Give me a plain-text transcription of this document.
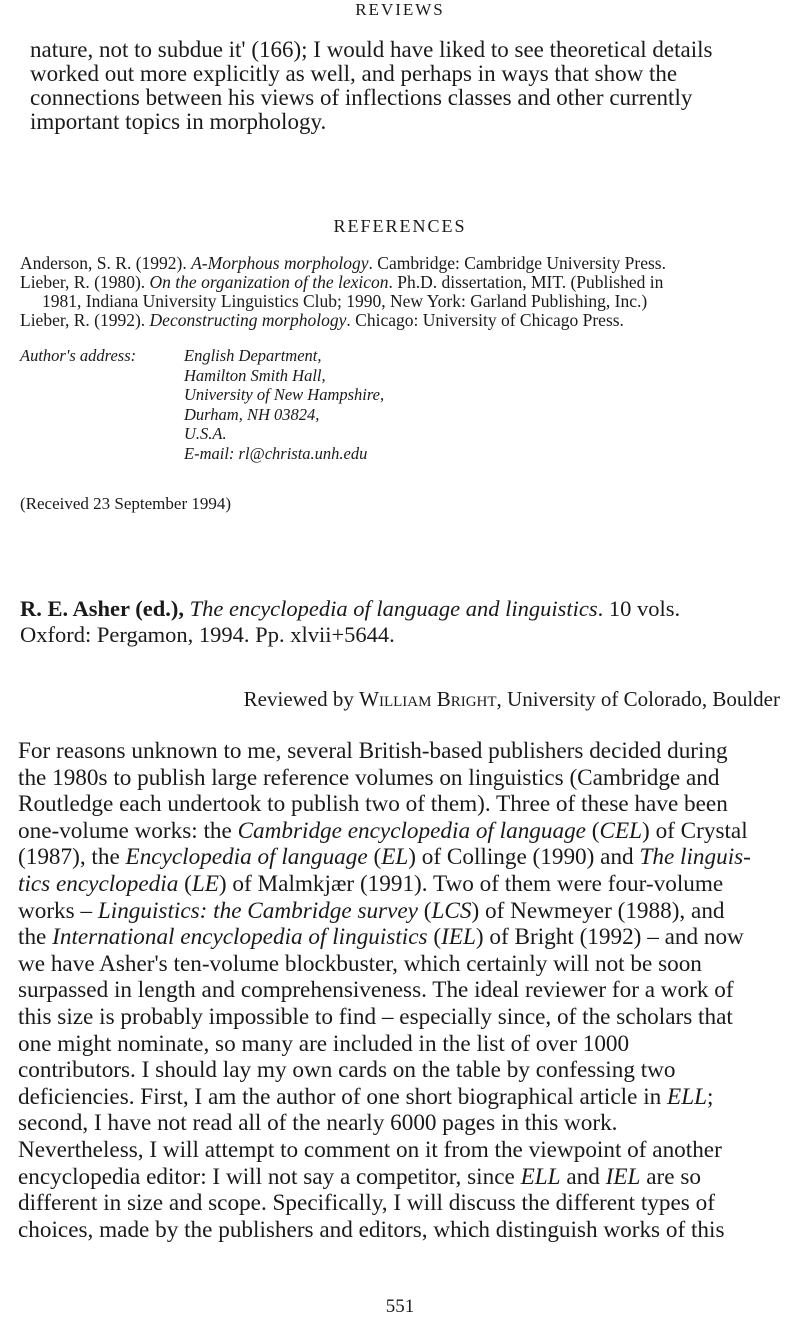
REVIEWS
nature, not to subdue it' (166); I would have liked to see theoretical details
worked out more explicitly as well, and perhaps in ways that show the
connections between his views of inflections classes and other currently
important topics in morphology.
REFERENCES
Anderson, S. R. (1992). A-Morphous morphology. Cambridge: Cambridge University Press.
Lieber, R. (1980). On the organization of the lexicon. Ph.D. dissertation, MIT. (Published in
1981, Indiana University Linguistics Club; 1990, New York: Garland Publishing, Inc.)
Lieber, R. (1992). Deconstructing morphology. Chicago: University of Chicago Press.
Author's address:	English Department,
Hamilton Smith Hall,
University of New Hampshire,
Durham, NH 03824,
U.S.A.
E-mail: rl@christa.unh.edu
(Received 23 September 1994)
R. E. Asher (ed.), The encyclopedia of language and linguistics. 10 vols.
Oxford: Pergamon, 1994. Pp. xlvii+5644.
Reviewed by William Bright, University of Colorado, Boulder
For reasons unknown to me, several British-based publishers decided during
the 1980s to publish large reference volumes on linguistics (Cambridge and
Routledge each undertook to publish two of them). Three of these have been
one-volume works: the Cambridge encyclopedia of language (CEL) of Crystal
(1987), the Encyclopedia of language (EL) of Collinge (1990) and The linguis-
tics encyclopedia (LE) of Malmkjær (1991). Two of them were four-volume
works – Linguistics: the Cambridge survey (LCS) of Newmeyer (1988), and
the International encyclopedia of linguistics (IEL) of Bright (1992) – and now
we have Asher's ten-volume blockbuster, which certainly will not be soon
surpassed in length and comprehensiveness. The ideal reviewer for a work of
this size is probably impossible to find – especially since, of the scholars that
one might nominate, so many are included in the list of over 1000
contributors. I should lay my own cards on the table by confessing two
deficiencies. First, I am the author of one short biographical article in ELL;
second, I have not read all of the nearly 6000 pages in this work.
Nevertheless, I will attempt to comment on it from the viewpoint of another
encyclopedia editor: I will not say a competitor, since ELL and IEL are so
different in size and scope. Specifically, I will discuss the different types of
choices, made by the publishers and editors, which distinguish works of this
551
